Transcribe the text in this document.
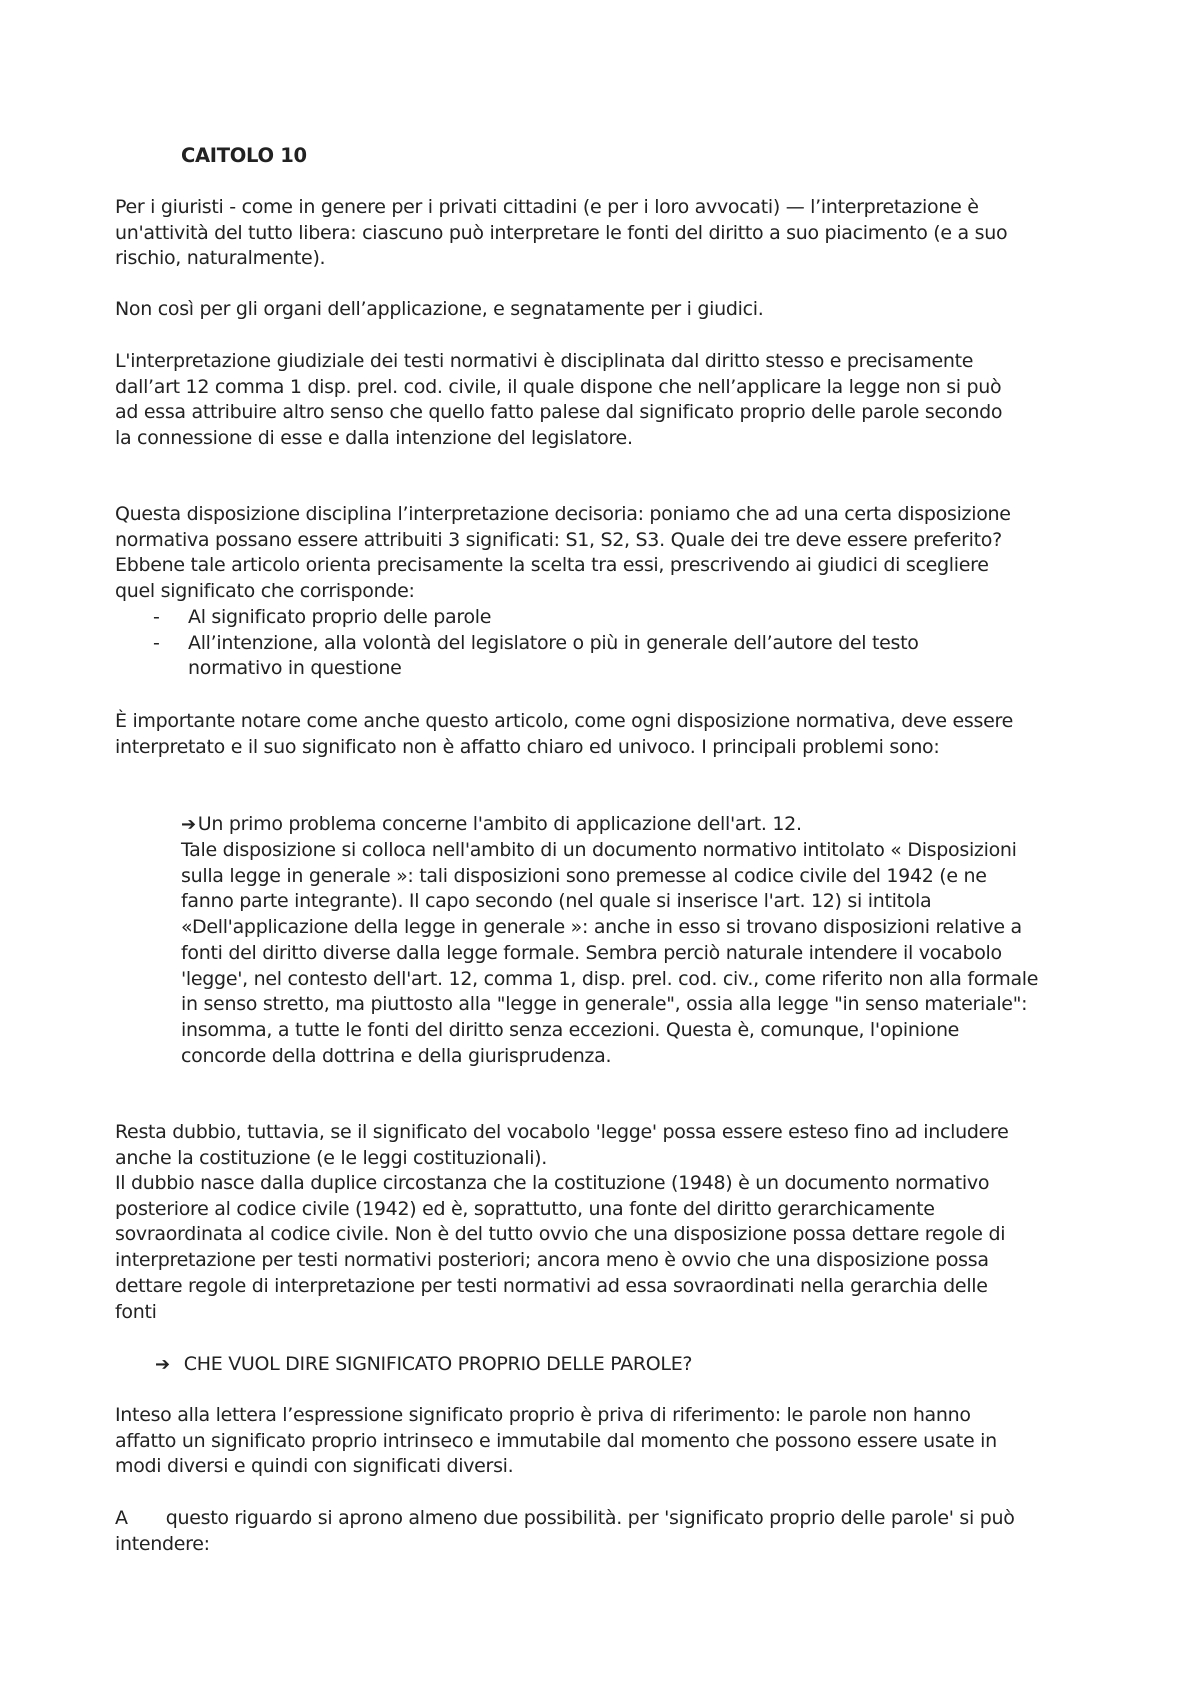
CAITOLO 10

Per i giuristi - come in genere per i privati cittadini (e per i loro avvocati) — l’interpretazione è un'attività del tutto libera: ciascuno può interpretare le fonti del diritto a suo piacimento (e a suo rischio, naturalmente).

Non così per gli organi dell’applicazione, e segnatamente per i giudici.

L'interpretazione giudiziale dei testi normativi è disciplinata dal diritto stesso e precisamente dall’art 12 comma 1 disp. prel. cod. civile, il quale dispone che nell’applicare la legge non si può ad essa attribuire altro senso che quello fatto palese dal significato proprio delle parole secondo la connessione di esse e dalla intenzione del legislatore.

Questa disposizione disciplina l’interpretazione decisoria: poniamo che ad una certa disposizione normativa possano essere attribuiti 3 significati: S1, S2, S3. Quale dei tre deve essere preferito? Ebbene tale articolo orienta precisamente la scelta tra essi, prescrivendo ai giudici di scegliere quel significato che corrisponde:

- Al significato proprio delle parole
- All’intenzione, alla volontà del legislatore o più in generale dell’autore del testo normativo in questione

È importante notare come anche questo articolo, come ogni disposizione normativa, deve essere interpretato e il suo significato non è affatto chiaro ed univoco. I principali problemi sono:

➔ Un primo problema concerne l'ambito di applicazione dell'art. 12.

Tale disposizione si colloca nell'ambito di un documento normativo intitolato « Disposizioni sulla legge in generale »: tali disposizioni sono premesse al codice civile del 1942 (e ne fanno parte integrante). Il capo secondo (nel quale si inserisce l'art. 12) si intitola «Dell'applicazione della legge in generale »: anche in esso si trovano disposizioni relative a fonti del diritto diverse dalla legge formale. Sembra perciò naturale intendere il vocabolo 'legge', nel contesto dell'art. 12, comma 1, disp. prel. cod. civ., come riferito non alla formale in senso stretto, ma piuttosto alla "legge in generale", ossia alla legge "in senso materiale": insomma, a tutte le fonti del diritto senza eccezioni. Questa è, comunque, l'opinione concorde della dottrina e della giurisprudenza.

Resta dubbio, tuttavia, se il significato del vocabolo 'legge' possa essere esteso fino ad includere anche la costituzione (e le leggi costituzionali).

Il dubbio nasce dalla duplice circostanza che la costituzione (1948) è un documento normativo posteriore al codice civile (1942) ed è, soprattutto, una fonte del diritto gerarchicamente sovraordinata al codice civile. Non è del tutto ovvio che una disposizione possa dettare regole di interpretazione per testi normativi posteriori; ancora meno è ovvio che una disposizione possa dettare regole di interpretazione per testi normativi ad essa sovraordinati nella gerarchia delle fonti

➔ CHE VUOL DIRE SIGNIFICATO PROPRIO DELLE PAROLE?

Inteso alla lettera l’espressione significato proprio è priva di riferimento: le parole non hanno affatto un significato proprio intrinseco e immutabile dal momento che possono essere usate in modi diversi e quindi con significati diversi.

A questo riguardo si aprono almeno due possibilità. per 'significato proprio delle parole' si può intendere:
